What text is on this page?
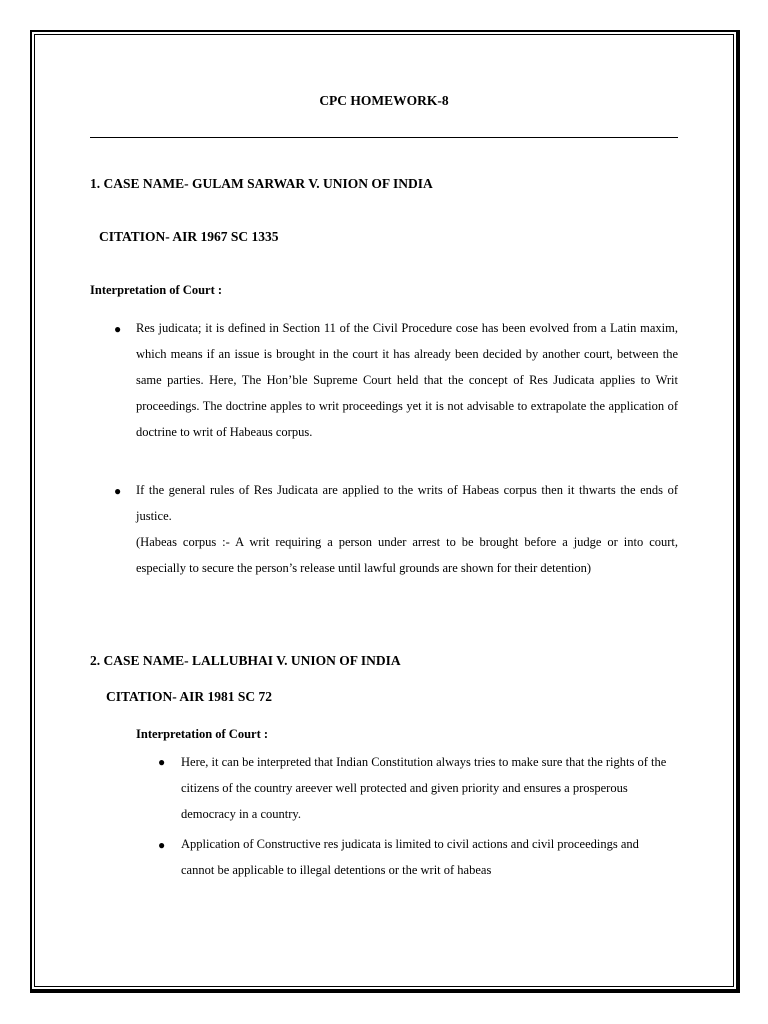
CPC HOMEWORK-8
1. CASE NAME- GULAM SARWAR V. UNION OF INDIA
CITATION- AIR 1967 SC 1335
Interpretation of Court :
● Res judicata; it is defined in Section 11 of the Civil Procedure cose has been evolved from a Latin maxim, which means if an issue is brought in the court it has already been decided by another court, between the same parties. Here, The Hon’ble Supreme Court held that the concept of Res Judicata applies to Writ proceedings. The doctrine apples to writ proceedings yet it is not advisable to extrapolate the application of doctrine to writ of Habeaus corpus.
● If the general rules of Res Judicata are applied to the writs of Habeas corpus then it thwarts the ends of justice.
(Habeas corpus :- A writ requiring a person under arrest to be brought before a judge or into court, especially to secure the person’s release until lawful grounds are shown for their detention)
2. CASE NAME- LALLUBHAI V. UNION OF INDIA
CITATION- AIR 1981 SC 72
Interpretation of Court :
● Here, it can be interpreted that Indian Constitution always tries to make sure that the rights of the citizens of the country areever well protected and given priority and ensures a prosperous democracy in a country.
● Application of Constructive res judicata is limited to civil actions and civil proceedings and cannot be applicable to illegal detentions or the writ of habeas
